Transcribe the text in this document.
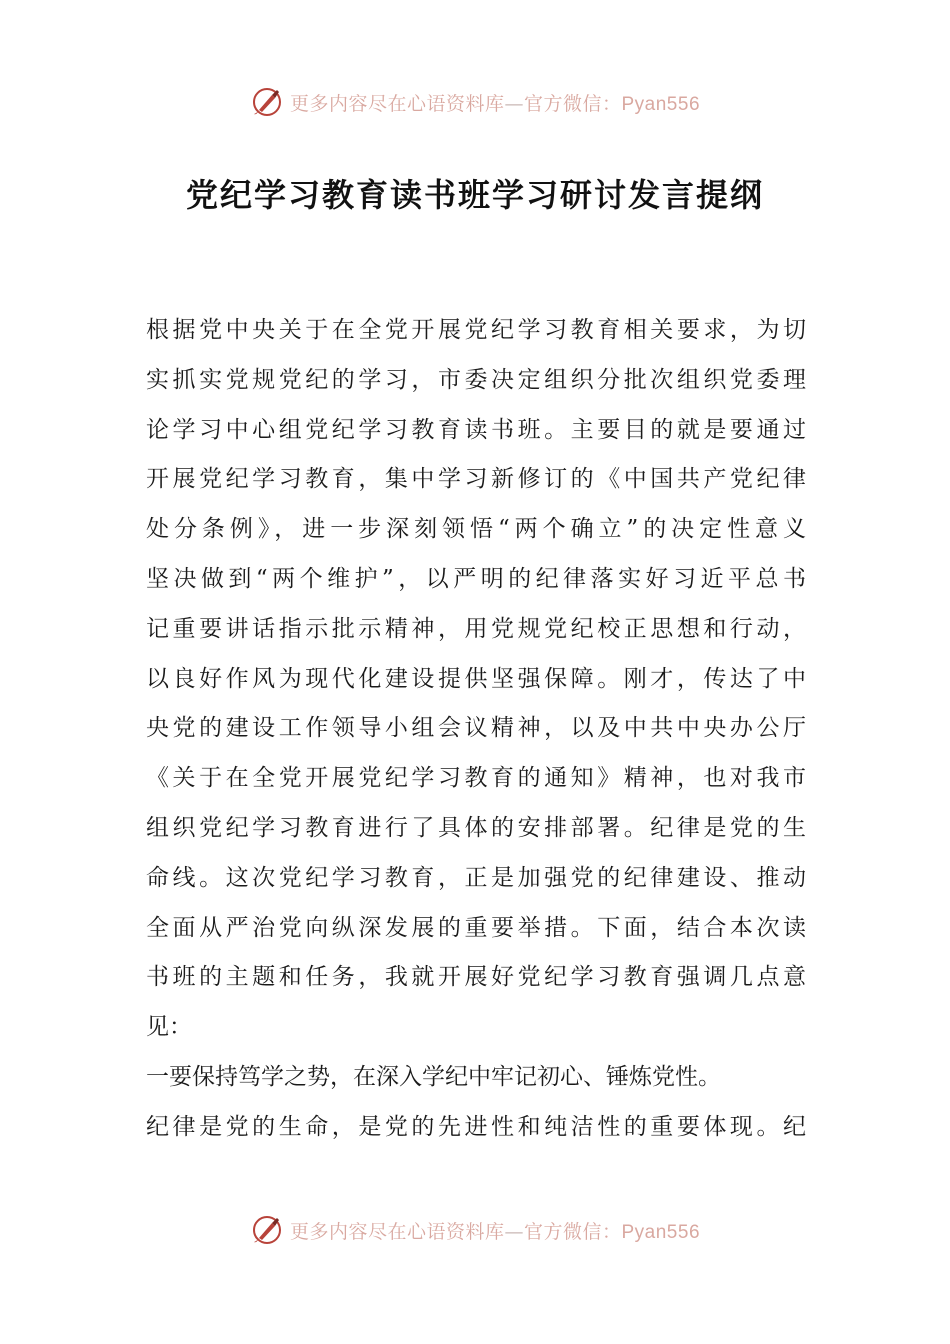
更多内容尽在心语资料库—官方微信：Pyan556
党纪学习教育读书班学习研讨发言提纲
根据党中央关于在全党开展党纪学习教育相关要求，为切
实抓实党规党纪的学习，市委决定组织分批次组织党委理
论学习中心组党纪学习教育读书班。主要目的就是要通过
开展党纪学习教育，集中学习新修订的《中国共产党纪律
处分条例》，进一步深刻领悟“两个确立”的决定性意义
坚决做到“两个维护”，以严明的纪律落实好习近平总书
记重要讲话指示批示精神，用党规党纪校正思想和行动，
以良好作风为现代化建设提供坚强保障。刚才，传达了中
央党的建设工作领导小组会议精神，以及中共中央办公厅
《关于在全党开展党纪学习教育的通知》精神，也对我市
组织党纪学习教育进行了具体的安排部署。纪律是党的生
命线。这次党纪学习教育，正是加强党的纪律建设、推动
全面从严治党向纵深发展的重要举措。下面，结合本次读
书班的主题和任务，我就开展好党纪学习教育强调几点意
见：
一要保持笃学之势，在深入学纪中牢记初心、锤炼党性。
纪律是党的生命，是党的先进性和纯洁性的重要体现。纪
更多内容尽在心语资料库—官方微信：Pyan556
